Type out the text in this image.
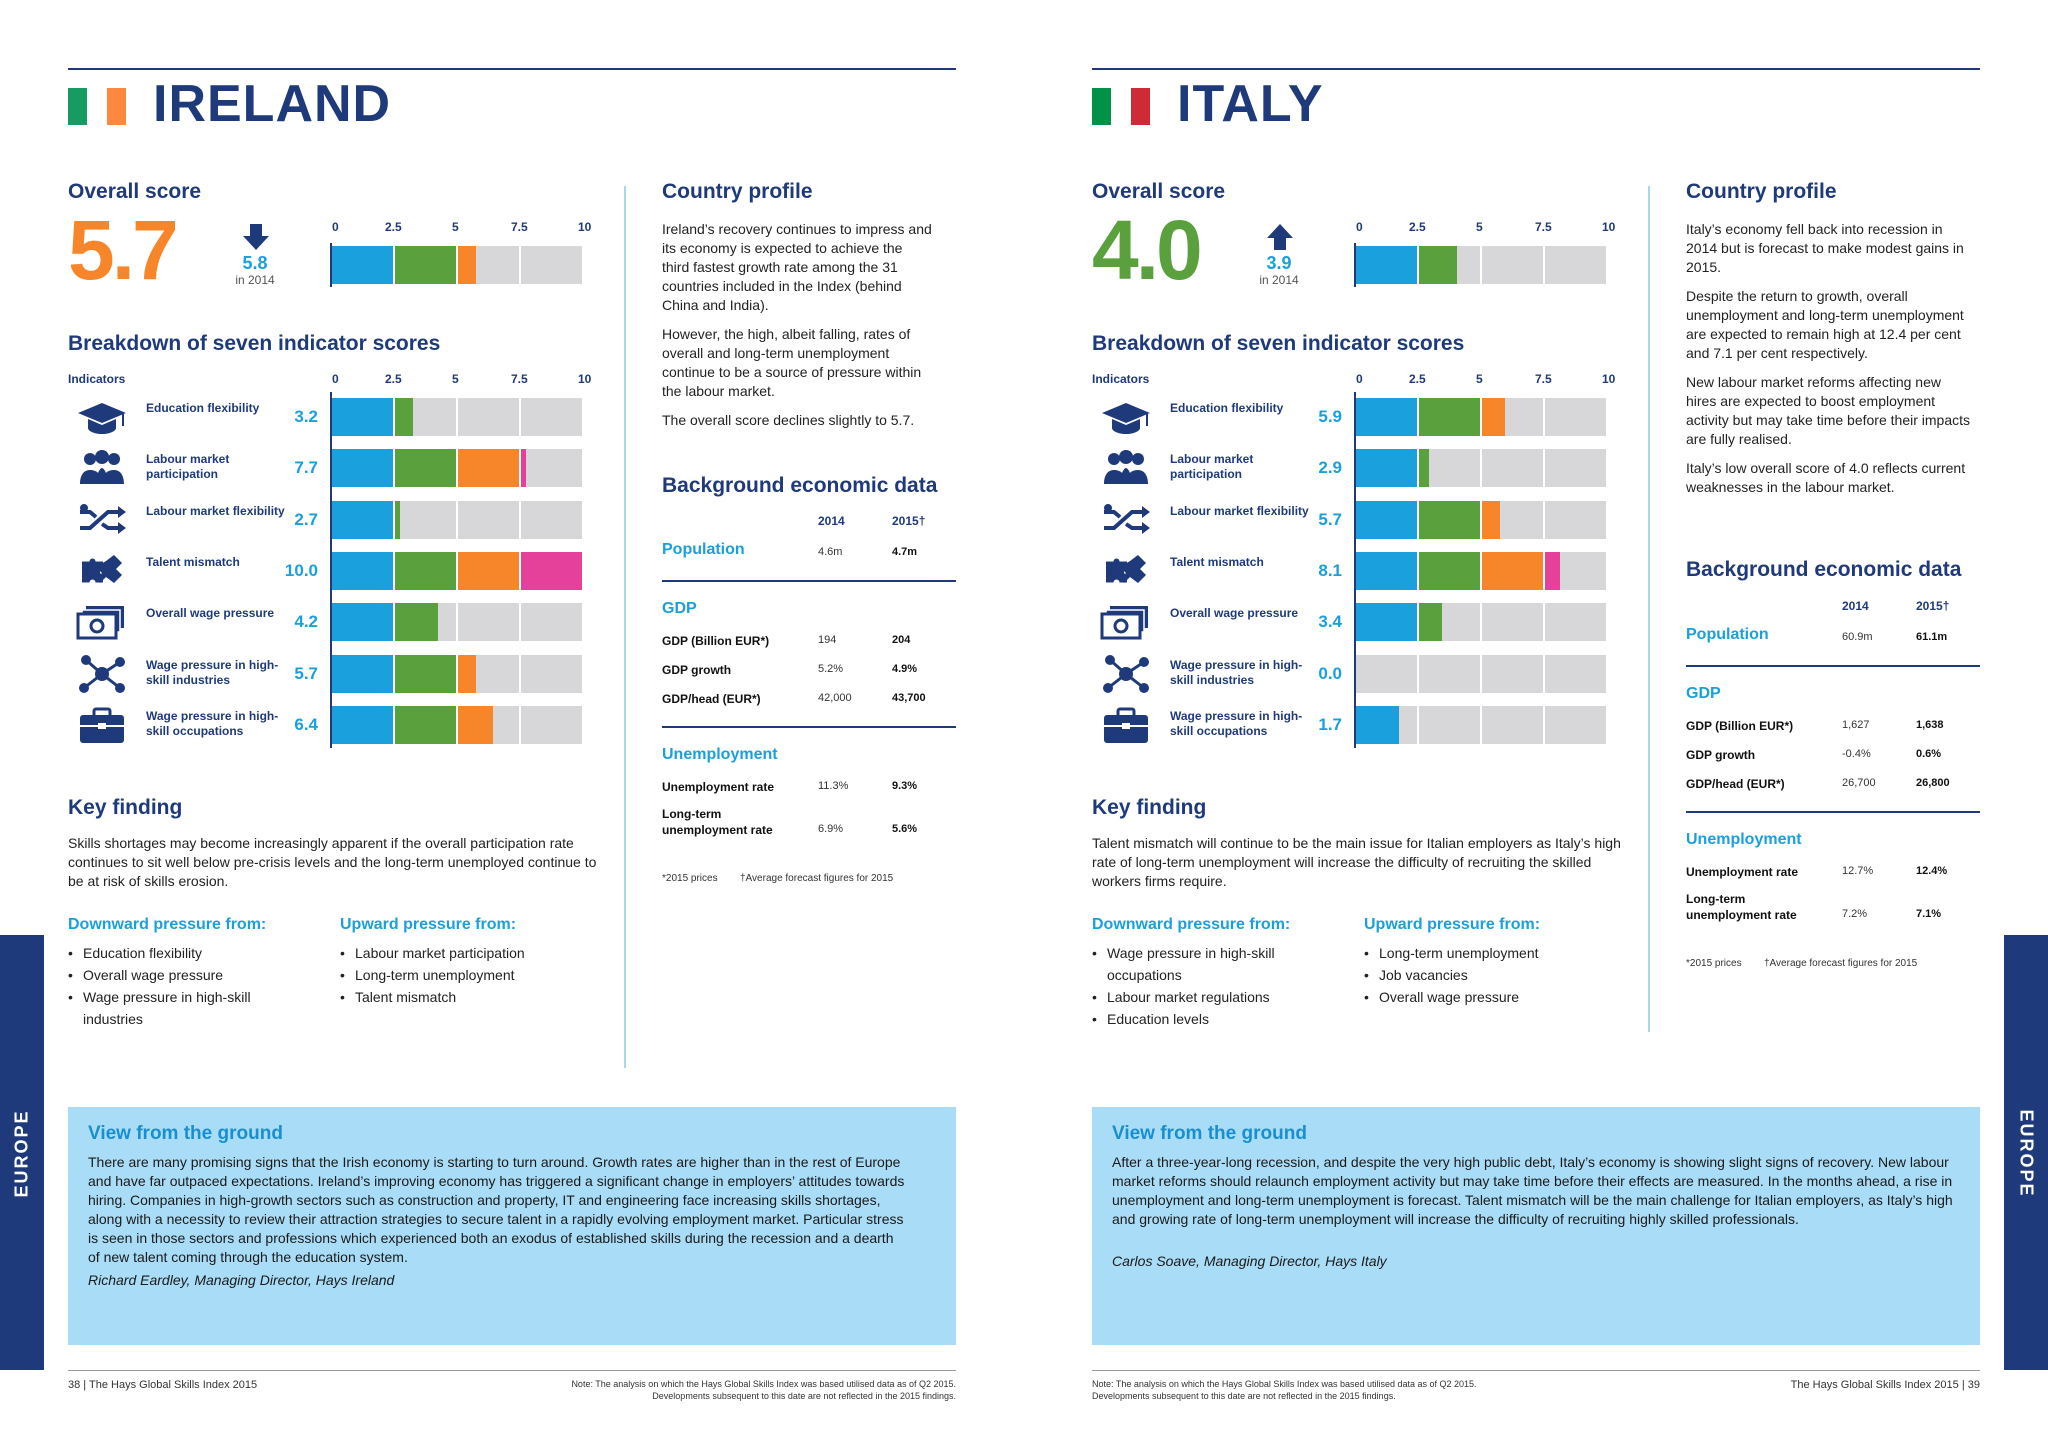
IRELAND
Overall score
5.7	5.8
in 2014
Breakdown of seven indicator scores
Indicators
Country profile

Ireland’s recovery continues to impress and its economy is expected to achieve the third fastest growth rate among the 31 countries included in the Index (behind China and India).

However, the high, albeit falling, rates of overall and long-term unemployment continue to be a source of pressure within the labour market.

The overall score declines slightly to 5.7.

Background economic data
Key finding
Skills shortages may become increasingly apparent if the overall participation rate continues to sit well below pre-crisis levels and the long-term unemployed continue to be at risk of skills erosion.
Downward pressure from:
• Education flexibility
• Overall wage pressure
• Wage pressure in high-skill industries
Upward pressure from:
• Labour market participation
• Long-term unemployment
• Talent mismatch
EUROPE	View from the ground
There are many promising signs that the Irish economy is starting to turn around. Growth rates are higher than in the rest of Europe and have far outpaced expectations. Ireland’s improving economy has triggered a significant change in employers’ attitudes towards hiring. Companies in high-growth sectors such as construction and property, IT and engineering face increasing skills shortages, along with a necessity to review their attraction strategies to secure talent in a rapidly evolving employment market. Particular stress is seen in those sectors and professions which experienced both an exodus of established skills during the recession and a dearth of new talent coming through the education system.
Richard Eardley, Managing Director, Hays Ireland
38 | The Hays Global Skills Index 2015	Note: The analysis on which the Hays Global Skills Index was based utilised data as of Q2 2015. Developments subsequent to this date are not reflected in the 2015 findings.
0	2.5	5	7.5	10
0	2.5	5	7.5	10
Education flexibility	3.2
Labour market participation	7.7
Labour market flexibility 2.7
Talent mismatch	10.0
Overall wage pressure	4.2
Wage pressure in high-skill industries	5.7
Wage pressure in high-skill occupations	6.4
2014	2015†
Population	4.6m	4.7m
GDP
GDP (Billion EUR*)	194	204
GDP growth	5.2%	4.9%
GDP/head (EUR*)	42,000	43,700
Unemployment
Unemployment rate	11.3%	9.3%
Long-term unemployment rate	6.9%	5.6%
*2015 prices †Average forecast figures for 2015
ITALY
Overall score
4.0	3.9
in 2014
Breakdown of seven indicator scores
Indicators
Country profile

Italy’s economy fell back into recession in 2014 but is forecast to make modest gains in 2015.

Despite the return to growth, overall unemployment and long-term unemployment are expected to remain high at 12.4 per cent and 7.1 per cent respectively.

New labour market reforms affecting new hires are expected to boost employment activity but may take time before their impacts are fully realised.

Italy’s low overall score of 4.0 reflects current weaknesses in the labour market.

Background economic data
Key finding
Talent mismatch will continue to be the main issue for Italian employers as Italy’s high rate of long-term unemployment will increase the difficulty of recruiting the skilled workers firms require.
Downward pressure from:
• Wage pressure in high-skill occupations
• Labour market regulations
• Education levels
Upward pressure from:
• Long-term unemployment
• Job vacancies
• Overall wage pressure
EUROPE
View from the ground
After a three-year-long recession, and despite the very high public debt, Italy’s economy is showing slight signs of recovery. New labour market reforms should relaunch employment activity but may take time before their effects are measured. In the months ahead, a rise in unemployment and long-term unemployment is forecast. Talent mismatch will be the main challenge for Italian employers, as Italy’s high and growing rate of long-term unemployment will increase the difficulty of recruiting highly skilled professionals.
Carlos Soave, Managing Director, Hays Italy
Note: The analysis on which the Hays Global Skills Index was based utilised data as of Q2 2015. Developments subsequent to this date are not reflected in the 2015 findings.
The Hays Global Skills Index 2015 | 39
0	2.5	5	7.5	10
0	2.5	5	7.5	10
Education flexibility	5.9
Labour market participation	2.9
Labour market flexibility 5.7
Talent mismatch	8.1
Overall wage pressure	3.4
Wage pressure in high-skill industries	0.0
Wage pressure in high-skill occupations	1.7
2014	2015†
Population	60.9m	61.1m
GDP
GDP (Billion EUR*)	1,627	1,638
GDP growth	-0.4%	0.6%
GDP/head (EUR*)	26,700	26,800
Unemployment
Unemployment rate	12.7%	12.4%
Long-term unemployment rate	7.2%	7.1%
*2015 prices †Average forecast figures for 2015
